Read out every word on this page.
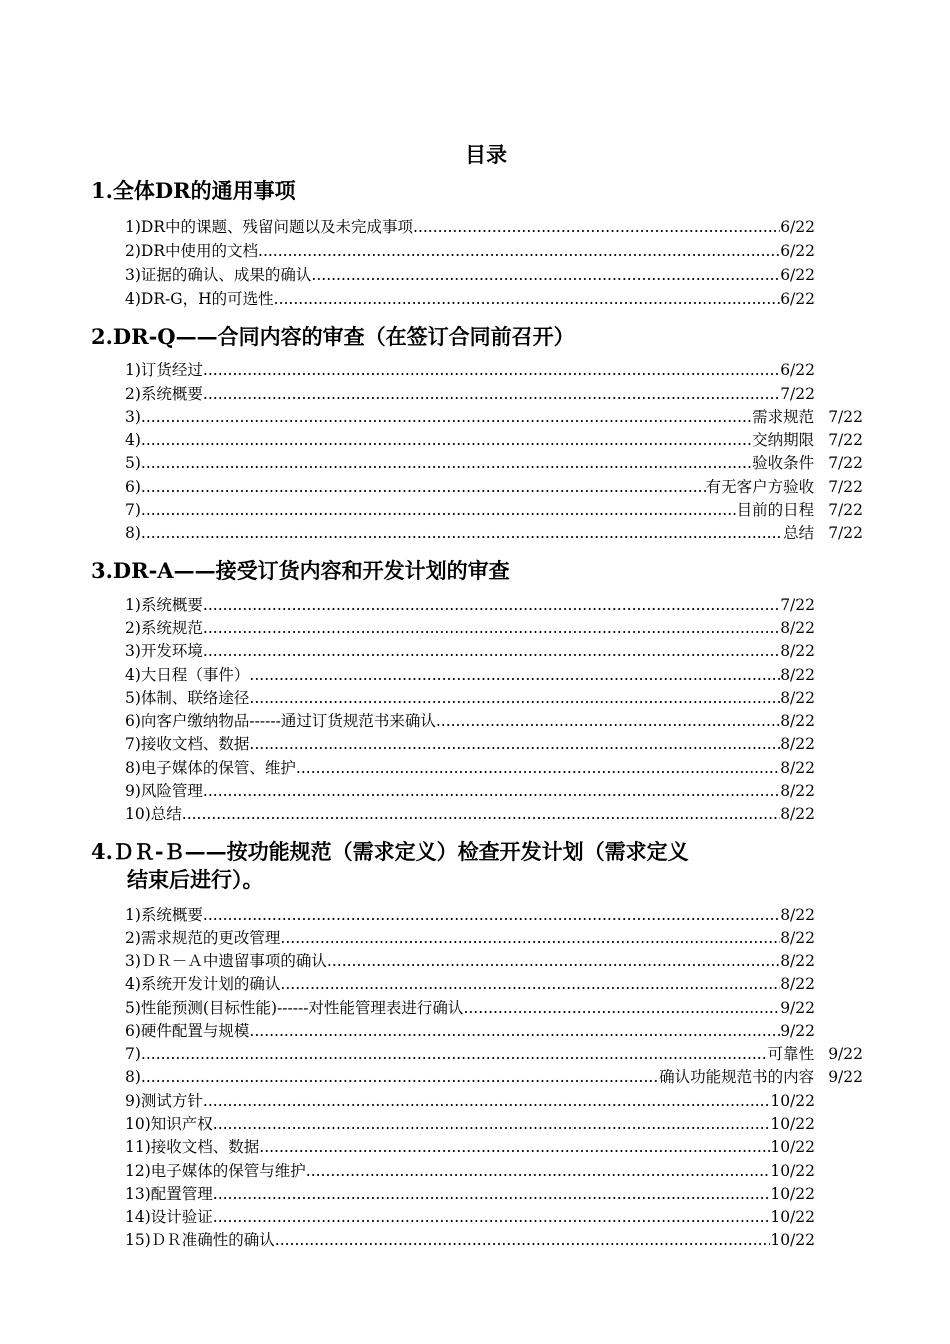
目录
1.全体DR的通用事项
1)DR中的课题、残留问题以及未完成事项 .....	6/22
2)DR中使用的文档 .....	6/22
3)证据的确认、成果的确认 .....	6/22
4)DR-G，H的可选性 .....	6/22
2.DR-Q——合同内容的审查（在签订合同前召开）
1)订货经过 .....	6/22
2)系统概要 .....	7/22
3) .....	需求规范 7/22
4) .....	交纳期限 7/22
5) .....	验收条件 7/22
6) .....	有无客户方验收 7/22
7) .....	目前的日程 7/22
8) .....	总结 7/22
3.DR-A——接受订货内容和开发计划的审查
1)系统概要 .....	7/22
2)系统规范 .....	8/22
3)开发环境 .....	8/22
4)大日程（事件） .....	8/22
5)体制、联络途径 .....	8/22
6)向客户缴纳物品------通过订货规范书来确认 .....	8/22
7)接收文档、数据 .....	8/22
8)电子媒体的保管、维护 .....	8/22
9)风险管理 .....	8/22
10)总结 .....	8/22
4.ＤＲ-Ｂ——按功能规范（需求定义）检查开发计划（需求定义
结束后进行）。
1)系统概要 .....	8/22
2)需求规范的更改管理 .....	8/22
3)ＤＲ－Ａ中遗留事项的确认 .....	8/22
4)系统开发计划的确认 .....	8/22
5)性能预测(目标性能)------对性能管理表进行确认 .....	9/22
6)硬件配置与规模 .....	9/22
7) .....	可靠性 9/22
8) .....	确认功能规范书的内容 9/22
9)测试方针 .....	10/22
10)知识产权 .....	10/22
11)接收文档、数据 .....	10/22
12)电子媒体的保管与维护 .....	10/22
13)配置管理 .....	10/22
14)设计验证 .....	10/22
15)ＤＲ准确性的确认 .....	10/22
